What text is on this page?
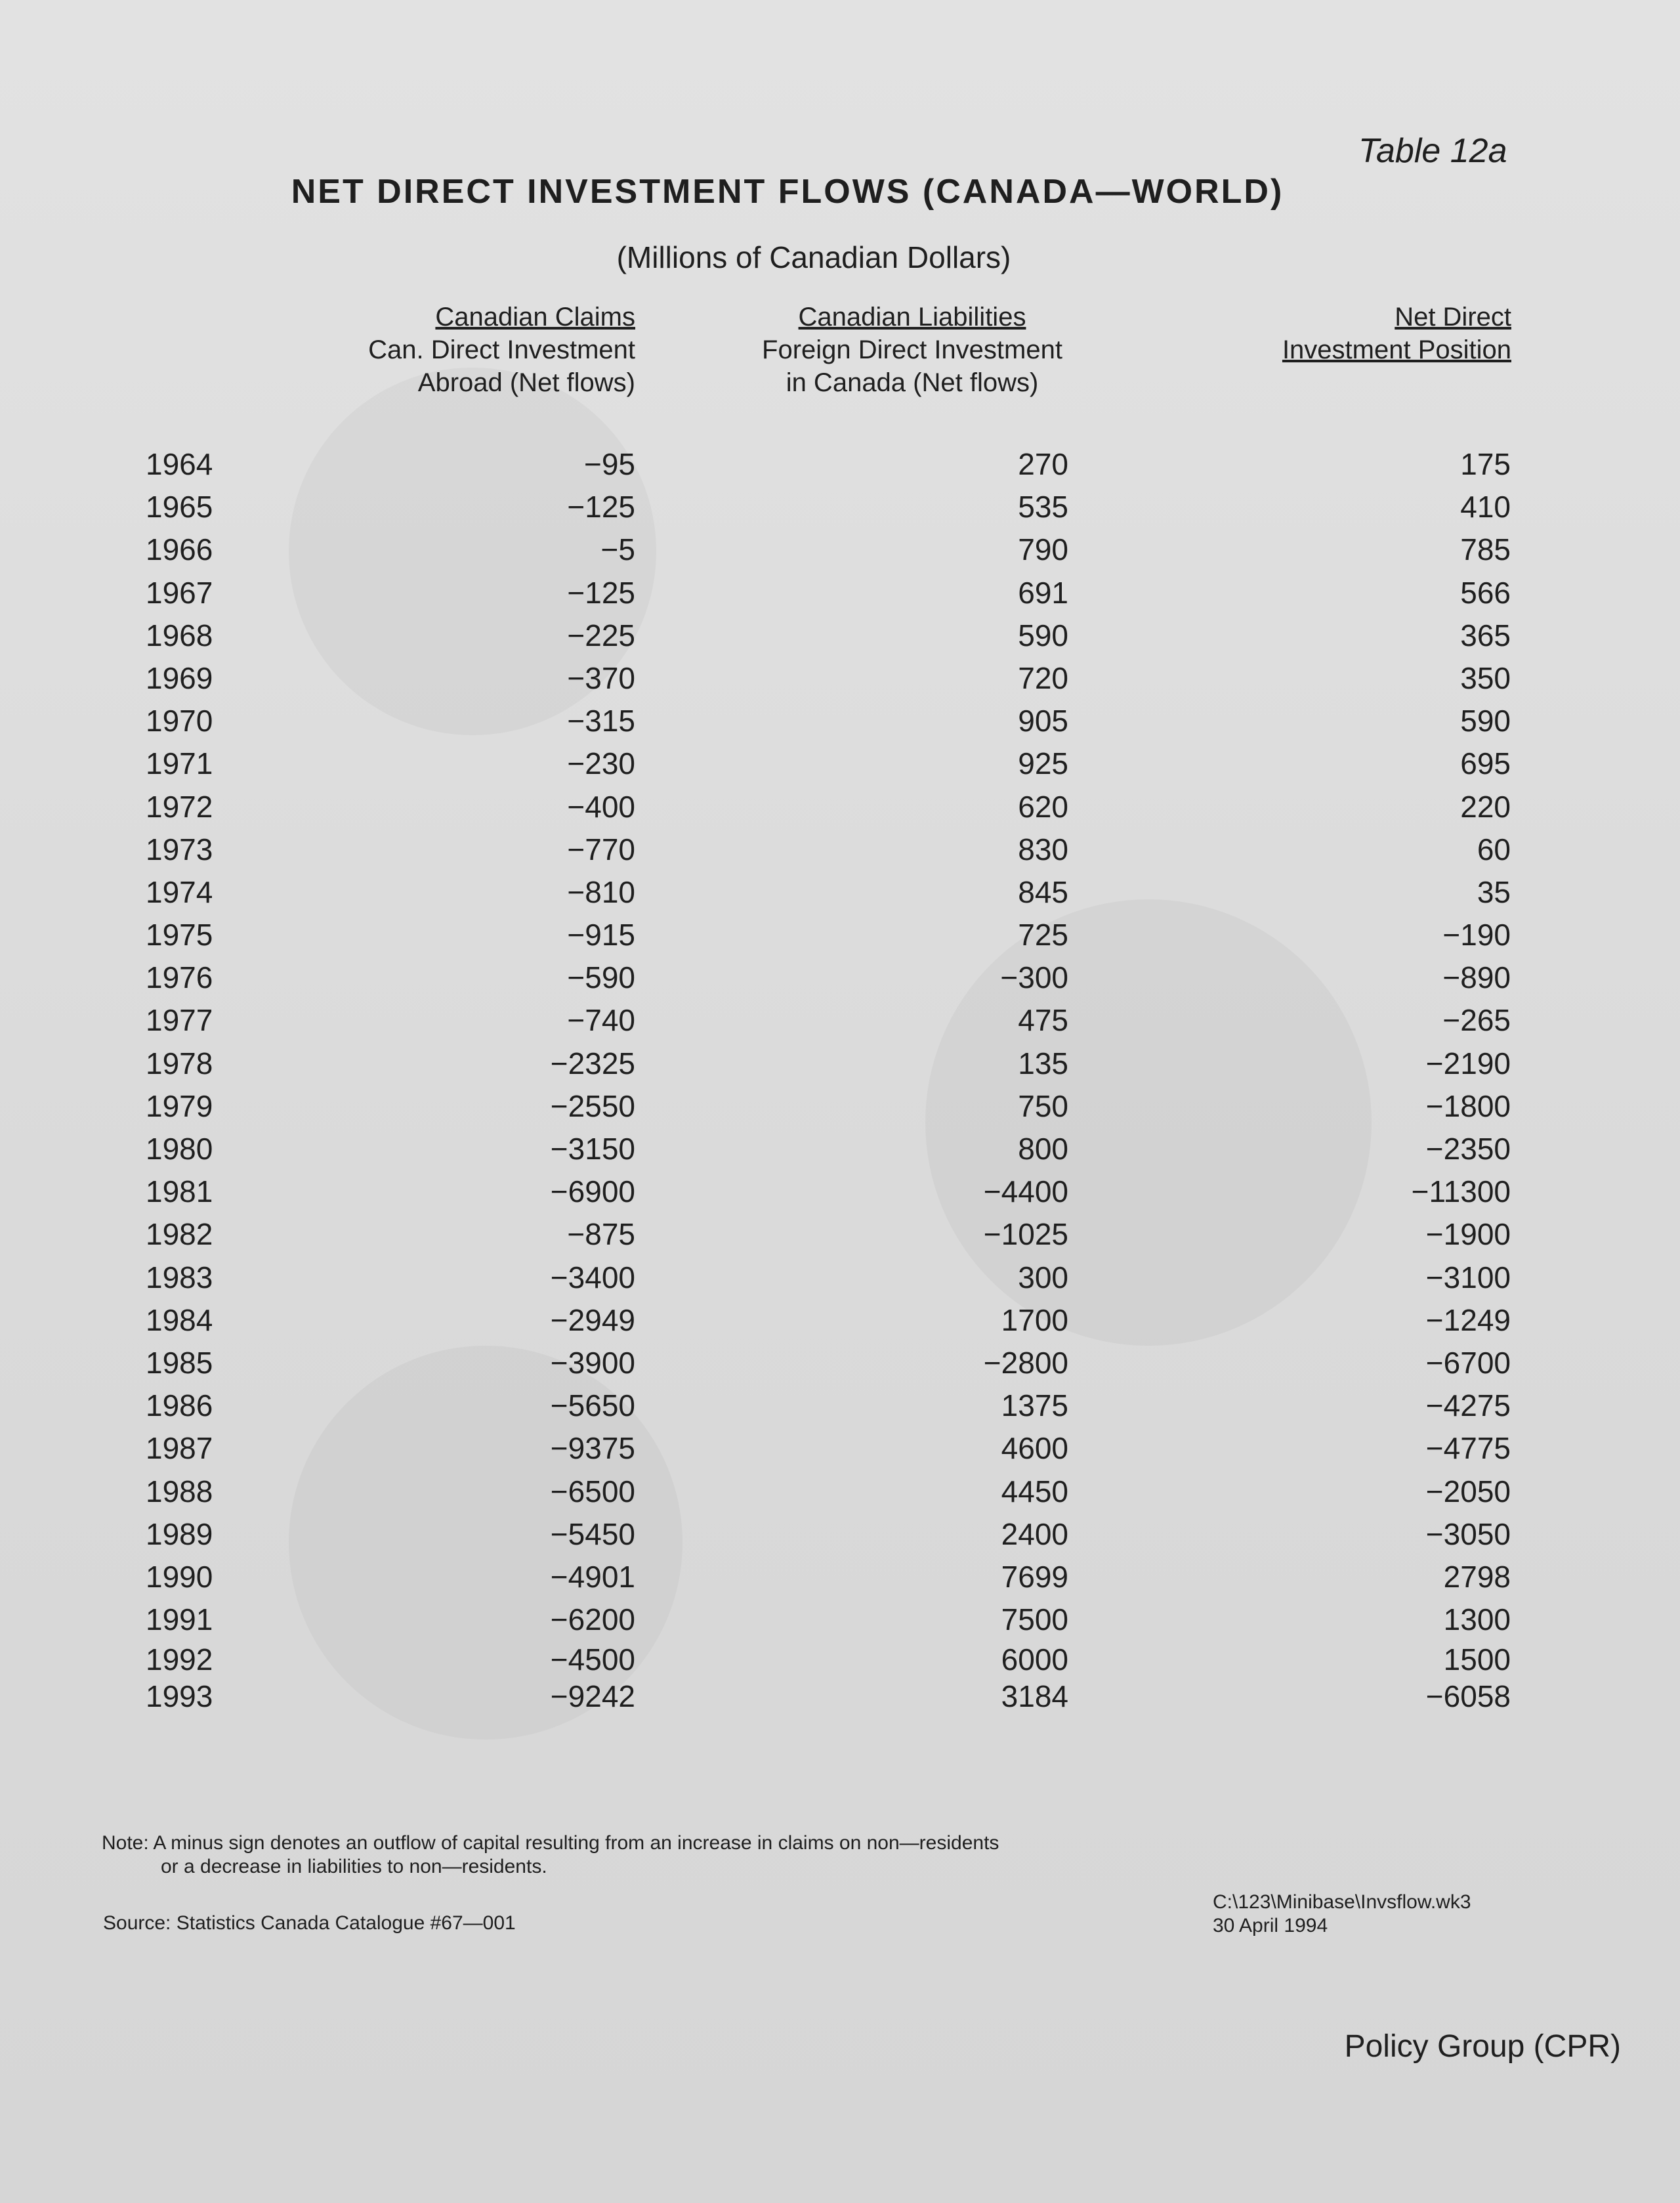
Table 12a
NET DIRECT INVESTMENT FLOWS (CANADA—WORLD)
(Millions of Canadian Dollars)
Canadian Claims
Can. Direct Investment
Abroad (Net flows)
Canadian Liabilities
Foreign Direct Investment
in Canada (Net flows)
Net Direct
Investment Position
1964	−95	270	175
1965	−125	535	410
1966	−5	790	785
1967	−125	691	566
1968	−225	590	365
1969	−370	720	350
1970	−315	905	590
1971	−230	925	695
1972	−400	620	220
1973	−770	830	60
1974	−810	845	35
1975	−915	725	−190
1976	−590	−300	−890
1977	−740	475	−265
1978	−2325	135	−2190
1979	−2550	750	−1800
1980	−3150	800	−2350
1981	−6900	−4400	−11300
1982	−875	−1025	−1900
1983	−3400	300	−3100
1984	−2949	1700	−1249
1985	−3900	−2800	−6700
1986	−5650	1375	−4275
1987	−9375	4600	−4775
1988	−6500	4450	−2050
1989	−5450	2400	−3050
1990	−4901	7699	2798
1991	−6200	7500	1300
1992	−4500	6000	1500
1993	−9242	3184	−6058
Note: A minus sign denotes an outflow of capital resulting from an increase in claims on non—residents
or a decrease in liabilities to non—residents.
Source: Statistics Canada Catalogue #67—001
C:\123\Minibase\Invsflow.wk3
30 April 1994
Policy Group (CPR)
